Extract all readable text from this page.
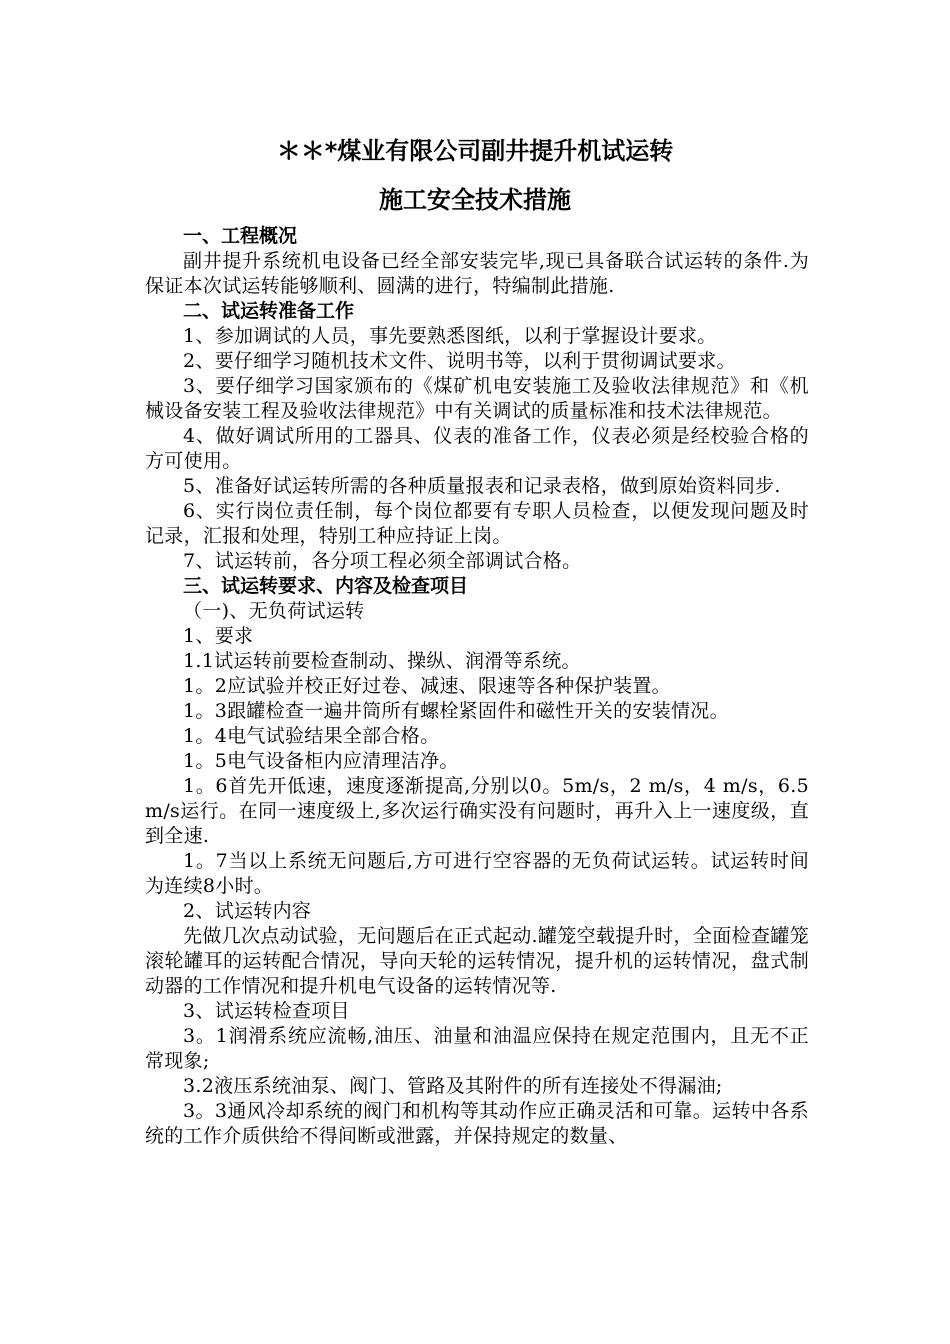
＊＊*煤业有限公司副井提升机试运转
施工安全技术措施

一、工程概况

副井提升系统机电设备已经全部安装完毕,现已具备联合试运转的条件.为保证本次试运转能够顺利、圆满的进行，特编制此措施.

二、试运转准备工作

1、参加调试的人员，事先要熟悉图纸，以利于掌握设计要求。

2、要仔细学习随机技术文件、说明书等，以利于贯彻调试要求。

3、要仔细学习国家颁布的《煤矿机电安装施工及验收法律规范》和《机械设备安装工程及验收法律规范》中有关调试的质量标准和技术法律规范。

4、做好调试所用的工器具、仪表的准备工作，仪表必须是经校验合格的方可使用。

5、准备好试运转所需的各种质量报表和记录表格，做到原始资料同步.

6、实行岗位责任制，每个岗位都要有专职人员检查，以便发现问题及时记录，汇报和处理，特别工种应持证上岗。

7、试运转前，各分项工程必须全部调试合格。

三、试运转要求、内容及检查项目

（一)、无负荷试运转

1、要求

1.1试运转前要检查制动、操纵、润滑等系统。

1。2应试验并校正好过卷、减速、限速等各种保护装置。

1。3跟罐检查一遍井筒所有螺栓紧固件和磁性开关的安装情况。

1。4电气试验结果全部合格。

1。5电气设备柜内应清理洁净。

1。6首先开低速，速度逐渐提高,分别以0。5m/s，2 m/s，4 m/s，6.5 m/s运行。在同一速度级上,多次运行确实没有问题时，再升入上一速度级，直到全速.

1。7当以上系统无问题后,方可进行空容器的无负荷试运转。试运转时间为连续8小时。

2、试运转内容

先做几次点动试验，无问题后在正式起动.罐笼空载提升时，全面检查罐笼滚轮罐耳的运转配合情况，导向天轮的运转情况，提升机的运转情况，盘式制动器的工作情况和提升机电气设备的运转情况等.

3、试运转检查项目

3。1润滑系统应流畅,油压、油量和油温应保持在规定范围内，且无不正常现象;

3.2液压系统油泵、阀门、管路及其附件的所有连接处不得漏油;

3。3通风冷却系统的阀门和机构等其动作应正确灵活和可靠。运转中各系统的工作介质供给不得间断或泄露，并保持规定的数量、
